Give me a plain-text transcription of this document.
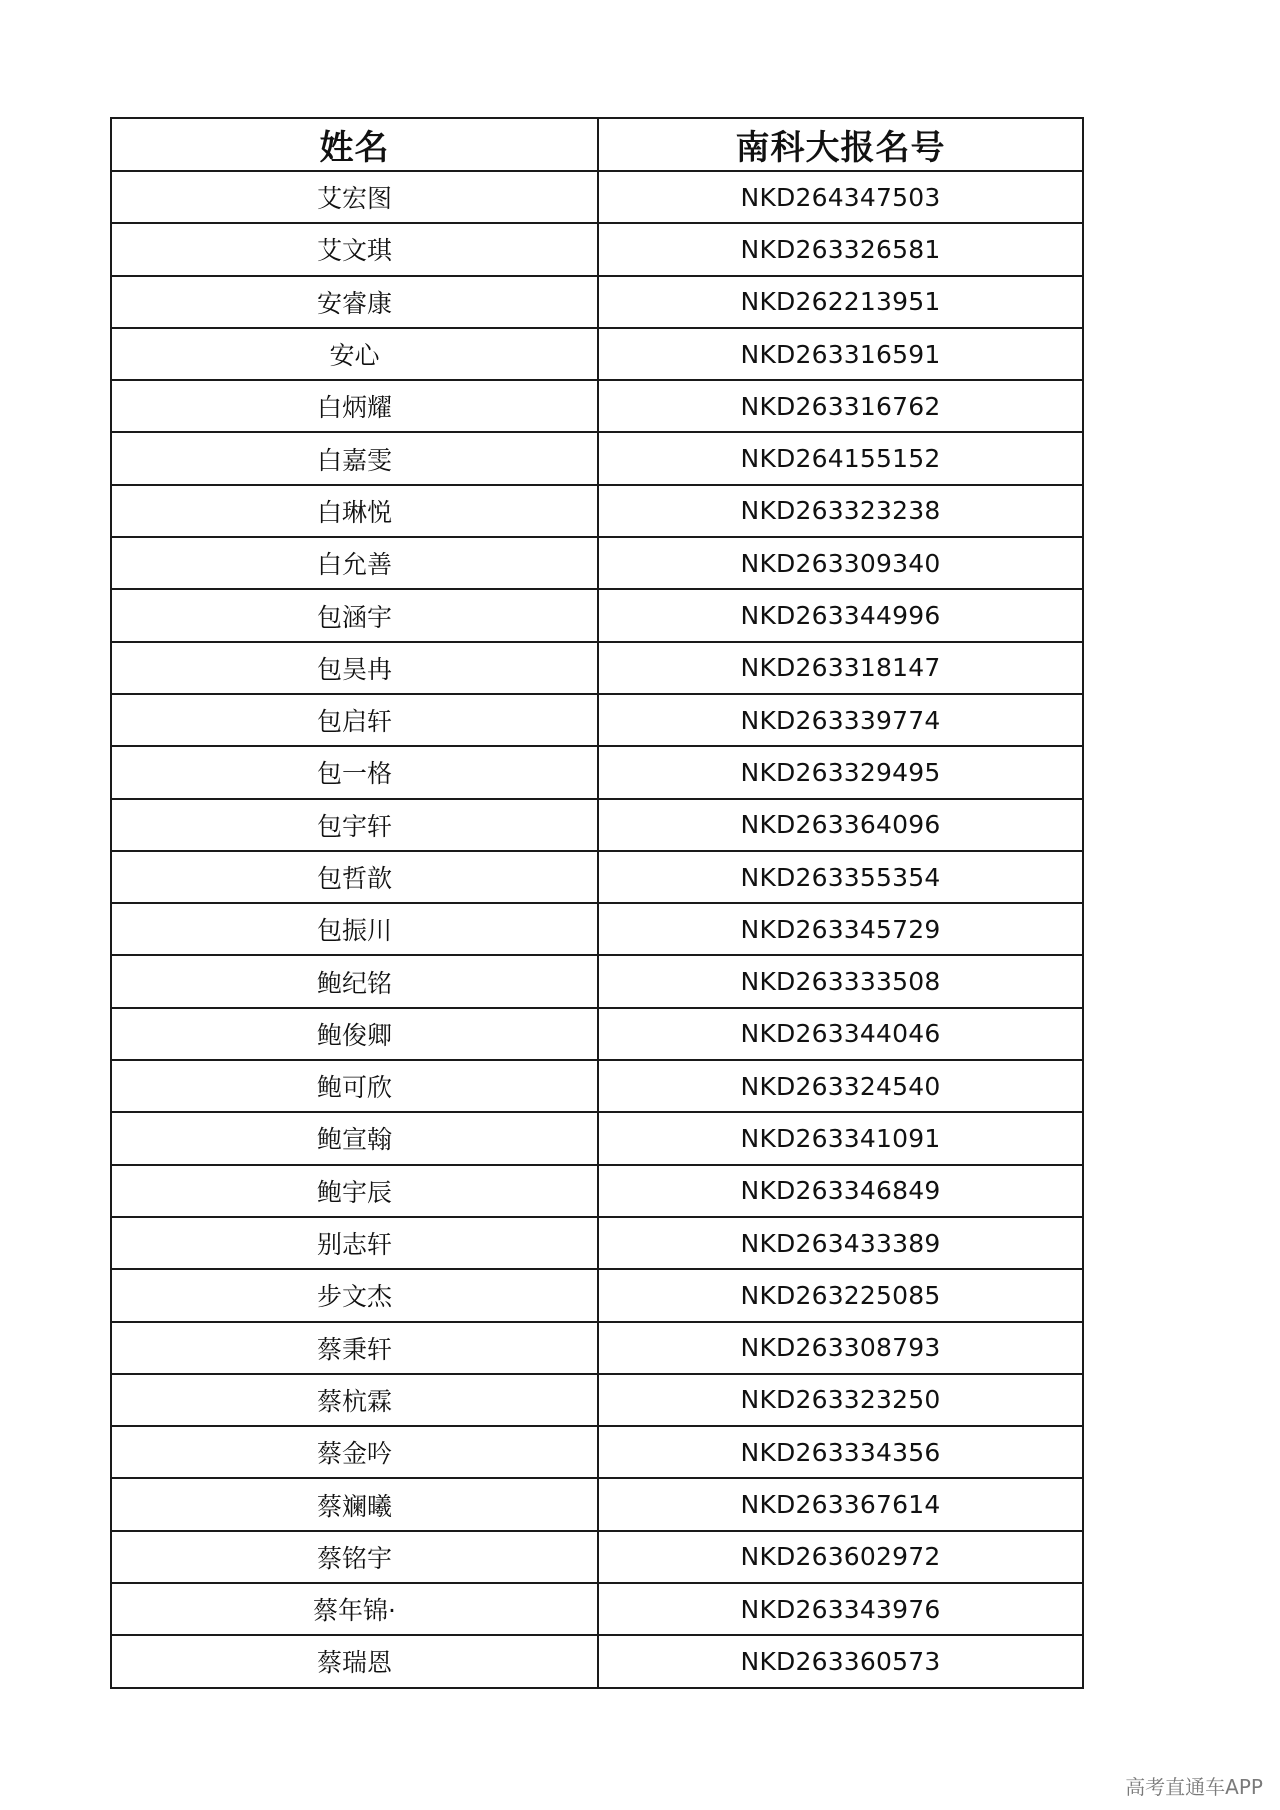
姓名	南科大报名号
艾宏图	NKD264347503
艾文琪	NKD263326581
安睿康	NKD262213951
安心	NKD263316591
白炳耀	NKD263316762
白嘉雯	NKD264155152
白琳悦	NKD263323238
白允善	NKD263309340
包涵宇	NKD263344996
包昊冉	NKD263318147
包启轩	NKD263339774
包一格	NKD263329495
包宇轩	NKD263364096
包哲歆	NKD263355354
包振川	NKD263345729
鲍纪铭	NKD263333508
鲍俊卿	NKD263344046
鲍可欣	NKD263324540
鲍宣翰	NKD263341091
鲍宇辰	NKD263346849
别志轩	NKD263433389
步文杰	NKD263225085
蔡秉轩	NKD263308793
蔡杭霖	NKD263323250
蔡金吟	NKD263334356
蔡斓曦	NKD263367614
蔡铭宇	NKD263602972
蔡年锦·	NKD263343976
蔡瑞恩	NKD263360573
高考直通车APP
